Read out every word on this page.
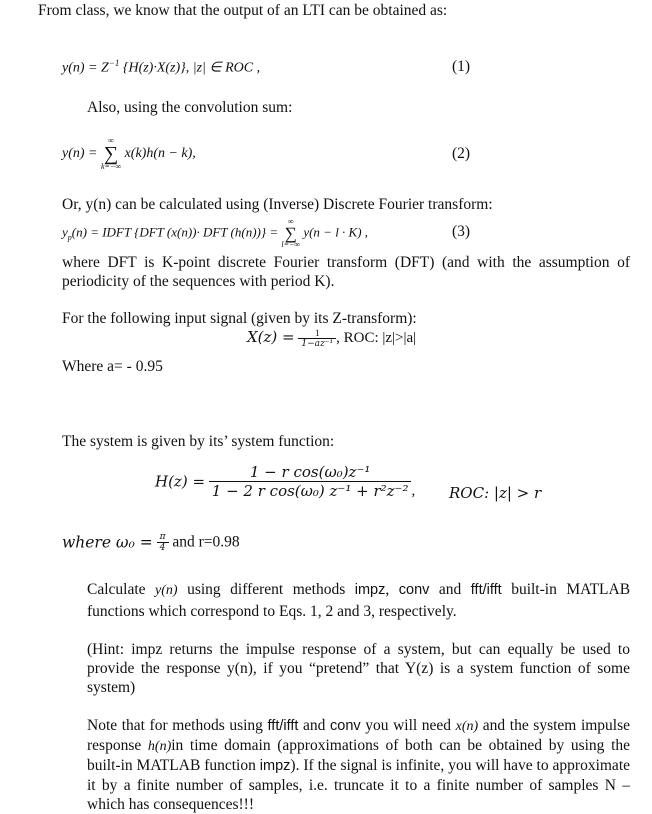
From class, we know that the output of an LTI can be obtained as:
$y(n) = Z^{-1}$ {H(z)·X(z)}, |z| ∈ ROC ,	(1)
Also, using the convolution sum:
y(n) =
∞
∑
k=−∞
x(k)h(n − k),	(2)
Or, y(n) can be calculated using (Inverse) Discrete Fourier transform:
$y_p(n)$ = IDFT {DFT (x(n))· DFT (h(n))} =
∞
∑
l=−∞
y(n − l · K) ,	(3)
where DFT is K-point discrete Fourier transform (DFT) (and with the assumption of periodicity of the sequences with period K).
For the following input signal (given by its Z-transform):
$X(z) = \frac{1}{\text{1−az⁻¹}}$ , ROC: |z|>|a|
Where a= - 0.95
The system is given by its’ system function:
$H(z) = \frac{\text{1 − r cos(ω₀)z⁻¹}}{\text{1 − 2 r cos(ω₀) z⁻¹ + r²z⁻²}}$ , ROC: |z| > r
where $\omega_0 = \frac{\pi}{4}$ and r=0.98
Calculate y(n) using different methods impz, conv and fft/ifft built-in MATLAB functions which correspond to Eqs. 1, 2 and 3, respectively.
(Hint: impz returns the impulse response of a system, but can equally be used to provide the response y(n), if you “pretend” that Y(z) is a system function of some system)
Note that for methods using fft/ifft and conv you will need x(n) and the system impulse response h(n)in time domain (approximations of both can be obtained by using the built-in MATLAB function impz). If the signal is infinite, you will have to approximate it by a finite number of samples, i.e. truncate it to a finite number of samples N – which has consequences!!!
